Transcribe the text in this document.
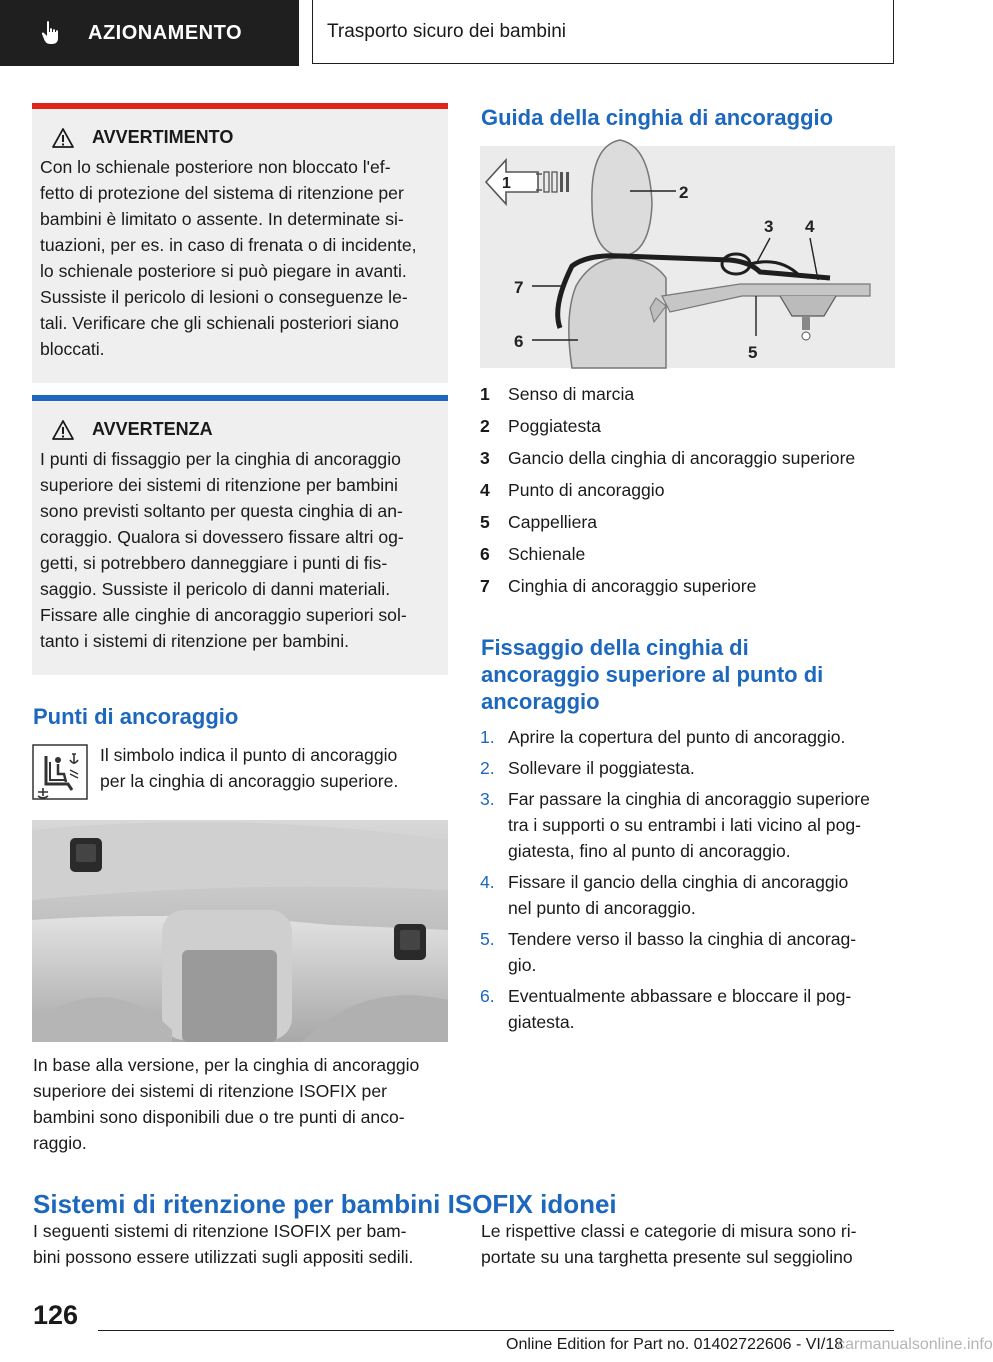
AZIONAMENTO	Trasporto sicuro dei bambini
AVVERTIMENTO

Con lo schienale posteriore non bloccato l'ef-
fetto di protezione del sistema di ritenzione per
bambini è limitato o assente. In determinate si-
tuazioni, per es. in caso di frenata o di incidente,
lo schienale posteriore si può piegare in avanti.
Sussiste il pericolo di lesioni o conseguenze le-
tali. Verificare che gli schienali posteriori siano
bloccati.

AVVERTENZA

I punti di fissaggio per la cinghia di ancoraggio
superiore dei sistemi di ritenzione per bambini
sono previsti soltanto per questa cinghia di an-
coraggio. Qualora si dovessero fissare altri og-
getti, si potrebbero danneggiare i punti di fis-
saggio. Sussiste il pericolo di danni materiali.
Fissare alle cinghie di ancoraggio superiori sol-
tanto i sistemi di ritenzione per bambini.

Punti di ancoraggio

Il simbolo indica il punto di ancoraggio
per la cinghia di ancoraggio superiore.

In base alla versione, per la cinghia di ancoraggio
superiore dei sistemi di ritenzione ISOFIX per
bambini sono disponibili due o tre punti di anco-
raggio.

Guida della cinghia di ancoraggio
1	2
3 4
5
6
7
1	Senso di marcia
2	Poggiatesta
3	Gancio della cinghia di ancoraggio superiore
4	Punto di ancoraggio
5	Cappelliera
6	Schienale
7	Cinghia di ancoraggio superiore
Fissaggio della cinghia di
ancoraggio superiore al punto di
ancoraggio
1. Aprire la copertura del punto di ancoraggio.
2. Sollevare il poggiatesta.
3. Far passare la cinghia di ancoraggio superiore
tra i supporti o su entrambi i lati vicino al pog-
giatesta, fino al punto di ancoraggio.
4. Fissare il gancio della cinghia di ancoraggio
nel punto di ancoraggio.
5. Tendere verso il basso la cinghia di ancorag-
gio.
6. Eventualmente abbassare e bloccare il pog-
giatesta.
Sistemi di ritenzione per bambini ISOFIX idonei

I seguenti sistemi di ritenzione ISOFIX per bam-
bini possono essere utilizzati sugli appositi sedili.

Le rispettive classi e categorie di misura sono ri-
portate su una targhetta presente sul seggiolino

126
Online Edition for Part no. 01402722606 - VI/18carmanualsonline.info
